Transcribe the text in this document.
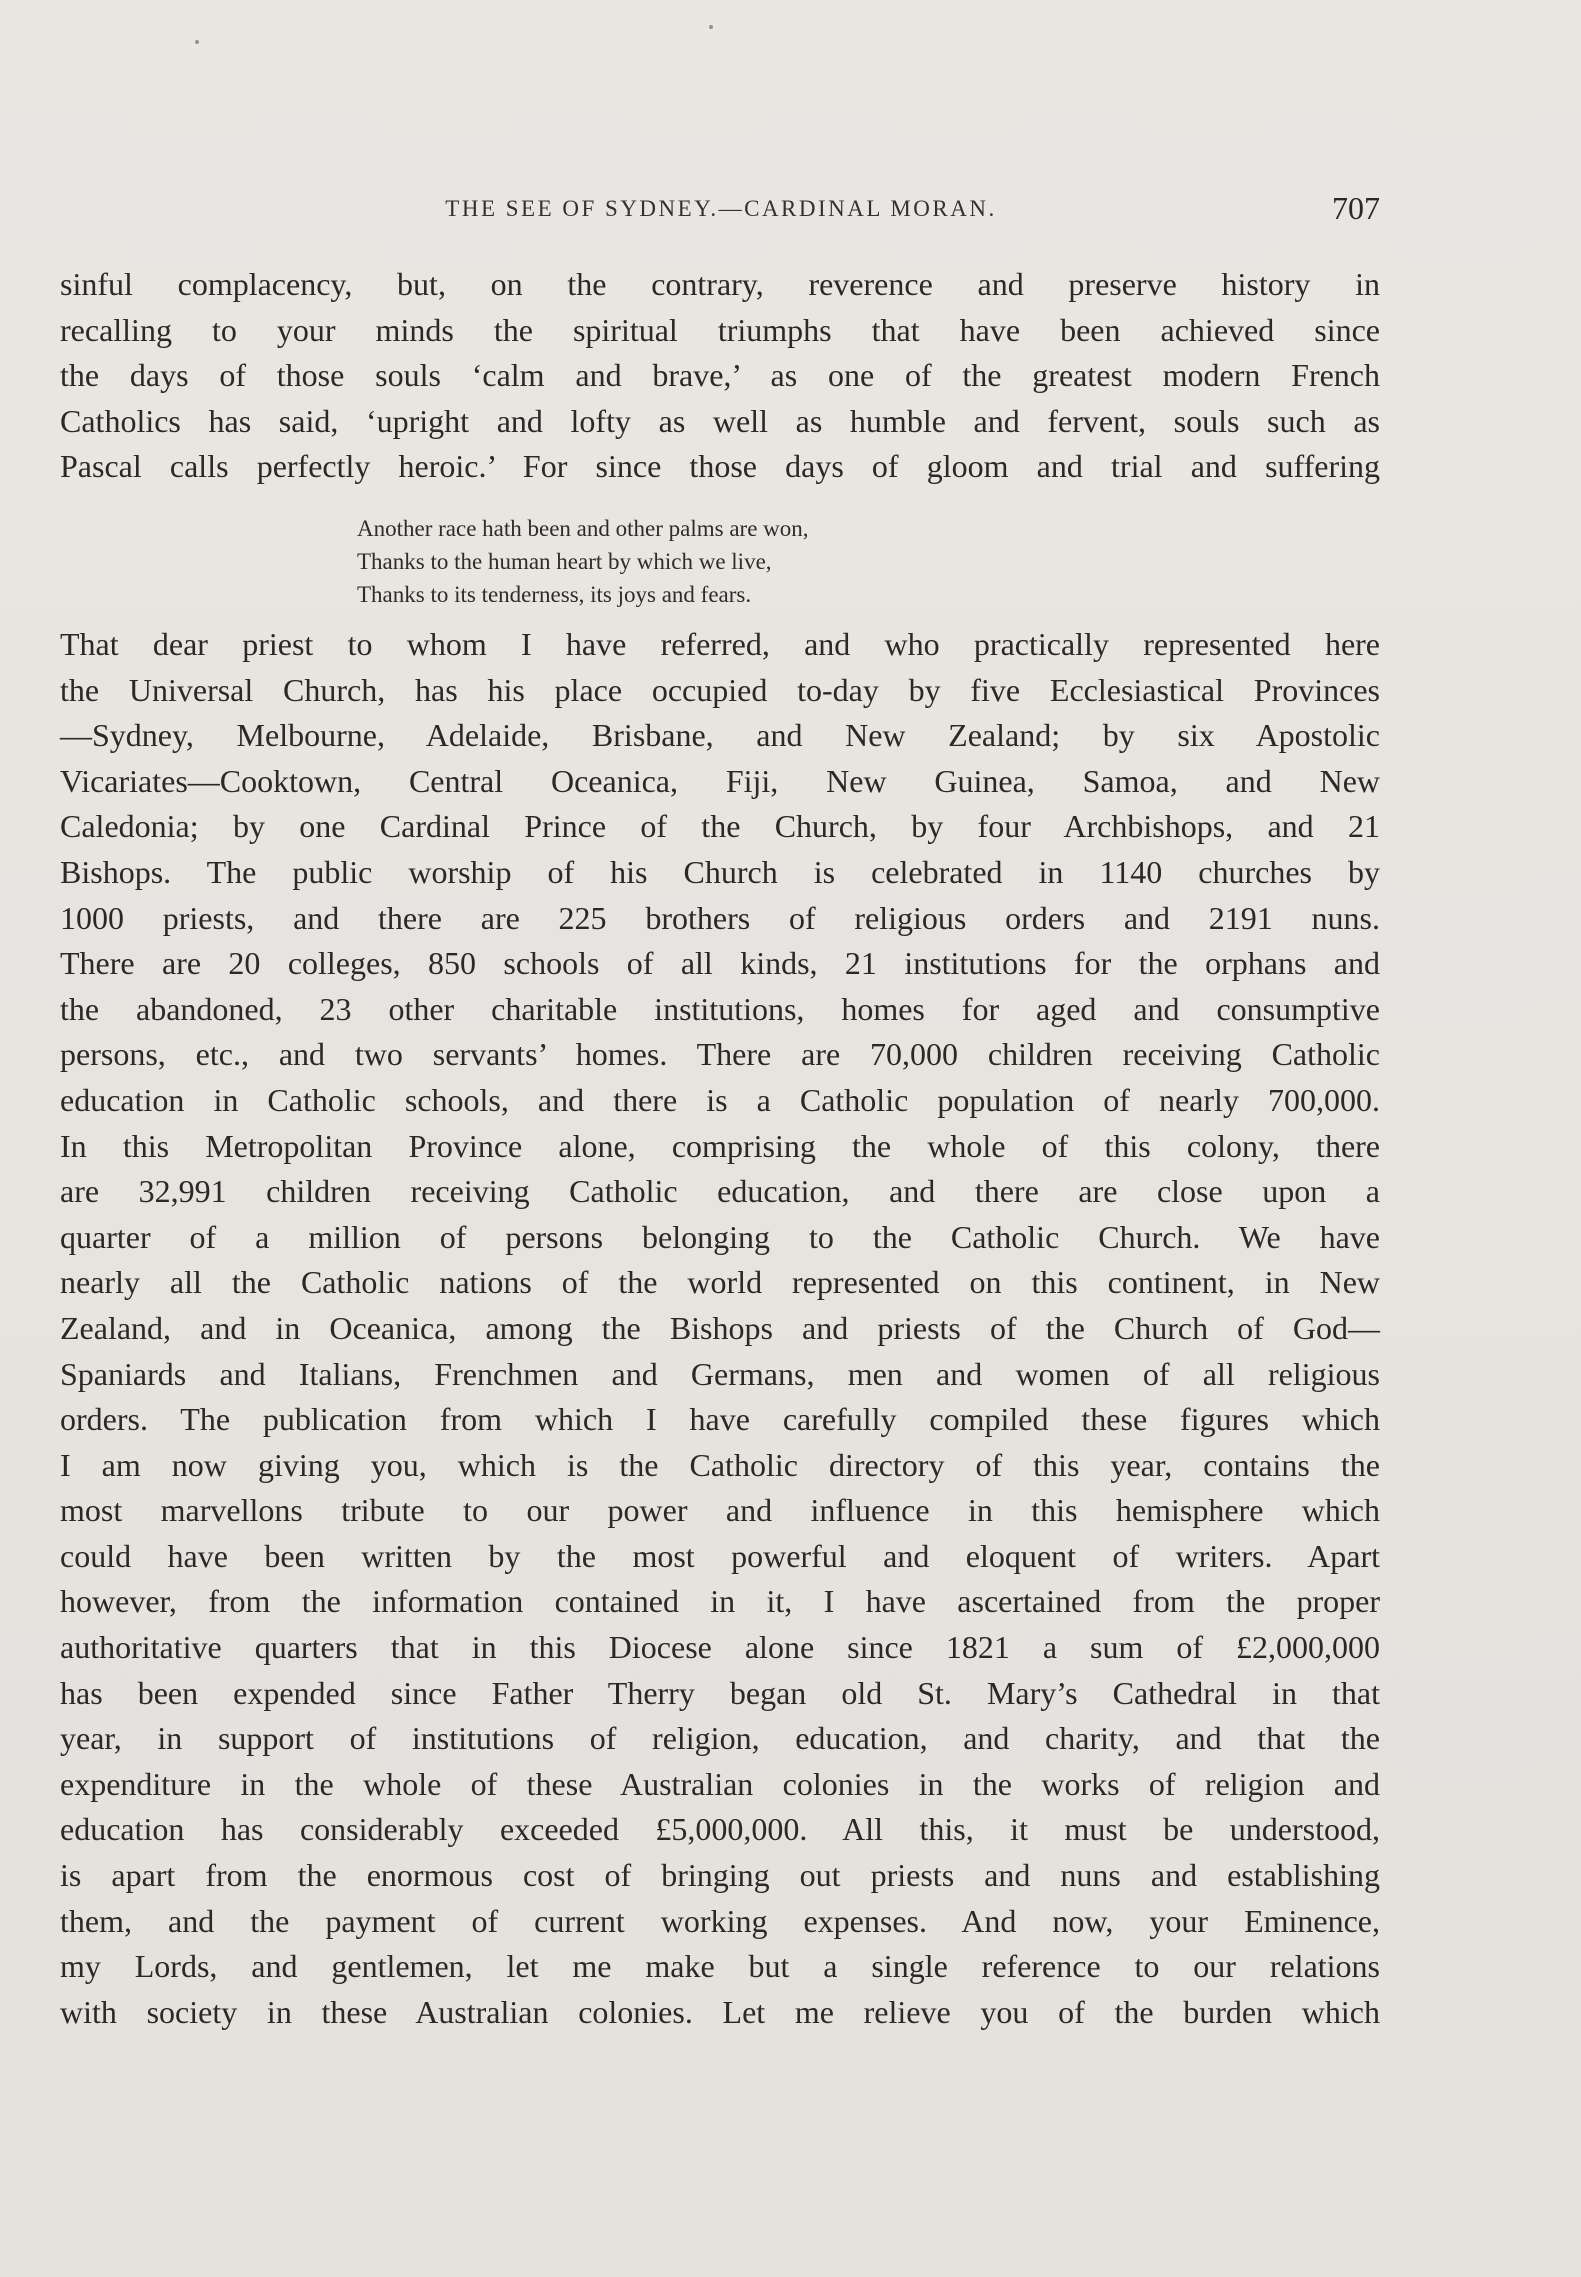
THE SEE OF SYDNEY.—CARDINAL MORAN.	707
sinful complacency, but, on the contrary, reverence and preserve history in
recalling to your minds the spiritual triumphs that have been achieved since
the days of those souls ‘calm and brave,’ as one of the greatest modern French
Catholics has said, ‘upright and lofty as well as humble and fervent, souls such as
Pascal calls perfectly heroic.’ For since those days of gloom and trial and suffering
Another race hath been and other palms are won,
Thanks to the human heart by which we live,
Thanks to its tenderness, its joys and fears.
That dear priest to whom I have referred, and who practically represented here
the Universal Church, has his place occupied to-day by five Ecclesiastical Provinces
—Sydney, Melbourne, Adelaide, Brisbane, and New Zealand; by six Apostolic
Vicariates—Cooktown, Central Oceanica, Fiji, New Guinea, Samoa, and New
Caledonia; by one Cardinal Prince of the Church, by four Archbishops, and 21
Bishops. The public worship of his Church is celebrated in 1140 churches by
1000 priests, and there are 225 brothers of religious orders and 2191 nuns.
There are 20 colleges, 850 schools of all kinds, 21 institutions for the orphans and
the abandoned, 23 other charitable institutions, homes for aged and consumptive
persons, etc., and two servants’ homes. There are 70,000 children receiving Catholic
education in Catholic schools, and there is a Catholic population of nearly 700,000.
In this Metropolitan Province alone, comprising the whole of this colony, there
are 32,991 children receiving Catholic education, and there are close upon a
quarter of a million of persons belonging to the Catholic Church. We have
nearly all the Catholic nations of the world represented on this continent, in New
Zealand, and in Oceanica, among the Bishops and priests of the Church of God—
Spaniards and Italians, Frenchmen and Germans, men and women of all religious
orders. The publication from which I have carefully compiled these figures which
I am now giving you, which is the Catholic directory of this year, contains the
most marvellons tribute to our power and influence in this hemisphere which
could have been written by the most powerful and eloquent of writers. Apart
however, from the information contained in it, I have ascertained from the proper
authoritative quarters that in this Diocese alone since 1821 a sum of £2,000,000
has been expended since Father Therry began old St. Mary’s Cathedral in that
year, in support of institutions of religion, education, and charity, and that the
expenditure in the whole of these Australian colonies in the works of religion and
education has considerably exceeded £5,000,000. All this, it must be understood,
is apart from the enormous cost of bringing out priests and nuns and establishing
them, and the payment of current working expenses. And now, your Eminence,
my Lords, and gentlemen, let me make but a single reference to our relations
with society in these Australian colonies. Let me relieve you of the burden which
